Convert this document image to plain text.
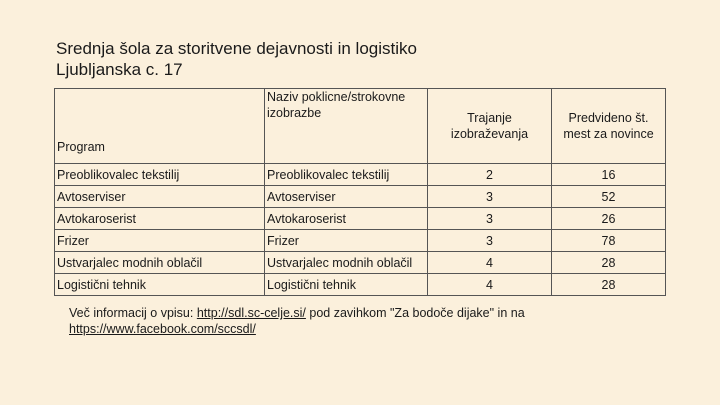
Srednja šola za storitvene dejavnosti in logistiko
Ljubljanska c. 17
Program	Naziv poklicne/strokovne izobrazbe	Trajanje izobraževanja	Predvideno št. mest za novince
Preoblikovalec tekstilij	Preoblikovalec tekstilij	2	16
Avtoserviser	Avtoserviser	3	52
Avtokaroserist	Avtokaroserist	3	26
Frizer	Frizer	3	78
Ustvarjalec modnih oblačil	Ustvarjalec modnih oblačil	4	28
Logistični tehnik	Logistični tehnik	4	28
Več informacij o vpisu: http://sdl.sc-celje.si/ pod zavihkom "Za bodoče dijake" in na https://www.facebook.com/sccsdl/
